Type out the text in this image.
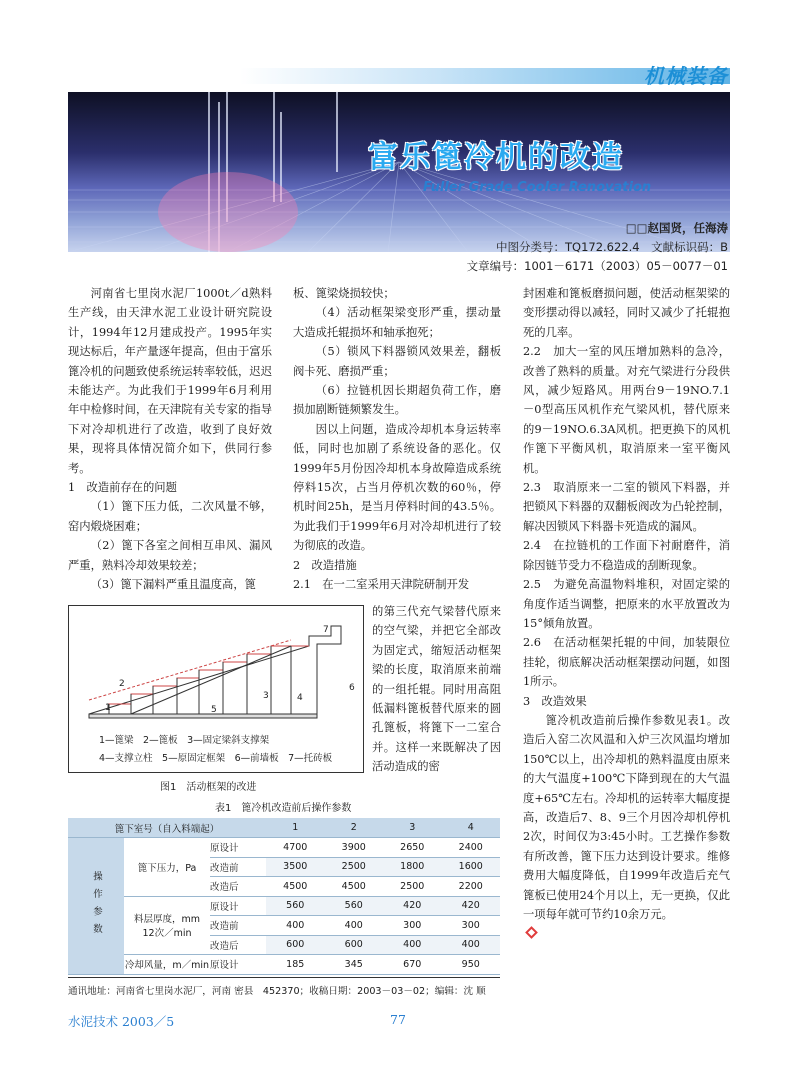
机械装备
富乐篦冷机的改造
Fuller Grade Cooler Renovation
□□赵国贤，任海涛
中图分类号：TQ172.622.4　文献标识码：B
文章编号：1001－6171（2003）05－0077－01

河南省七里岗水泥厂1000t／d熟料生产线，由天津水泥工业设计研究院设计，1994年12月建成投产。1995年实现达标后，年产量逐年提高，但由于富乐篦冷机的问题致使系统运转率较低，迟迟未能达产。为此我们于1999年6月利用年中检修时间，在天津院有关专家的指导下对冷却机进行了改造，收到了良好效果，现将具体情况简介如下，供同行参考。

1　改造前存在的问题

（1）篦下压力低，二次风量不够，窑内煅烧困难；

（2）篦下各室之间相互串风、漏风严重，熟料冷却效果较差；

（3）篦下漏料严重且温度高，篦

板、篦梁烧损较快；

（4）活动框架梁变形严重，摆动量大造成托辊损坏和轴承抱死；

（5）锁风下料器锁风效果差，翻板阀卡死、磨损严重；

（6）拉链机因长期超负荷工作，磨损加剧断链频繁发生。

因以上问题，造成冷却机本身运转率低，同时也加剧了系统设备的恶化。仅1999年5月份因冷却机本身故障造成系统停料15次，占当月停机次数的60％，停机时间25h，是当月停料时间的43.5％。为此我们于1999年6月对冷却机进行了较为彻底的改造。

2　改造措施

2.1　在一二室采用天津院研制开发

的第三代充气梁替代原来的空气梁，并把它全部改为固定式，缩短活动框架梁的长度，取消原来前端的一组托辊。同时用高阻低漏料篦板替代原来的圆孔篦板，将篦下一二室合并。这样一来既解决了因活动造成的密

封困难和篦板磨损问题，使活动框架梁的变形摆动得以减轻，同时又减少了托辊抱死的几率。

2.2　加大一室的风压增加熟料的急冷，改善了熟料的质量。对充气梁进行分段供风，减少短路风。用两台9－19NO.7.1－0型高压风机作充气梁风机，替代原来的9－19NO.6.3A风机。把更换下的风机作篦下平衡风机，取消原来一室平衡风机。

2.3　取消原来一二室的锁风下料器，并把锁风下料器的双翻板阀改为凸轮控制，解决因锁风下料器卡死造成的漏风。

2.4　在拉链机的工作面下衬耐磨件，消除因链节受力不稳造成的刮断现象。

2.5　为避免高温物料堆积，对固定梁的角度作适当调整，把原来的水平放置改为15°倾角放置。

2.6　在活动框架托辊的中间，加装限位挂轮，彻底解决活动框架摆动问题，如图1所示。

3　改造效果

篦冷机改造前后操作参数见表1。改造后入窑二次风温和入炉三次风温均增加150℃以上，出冷却机的熟料温度由原来的大气温度+100℃下降到现在的大气温度+65℃左右。冷却机的运转率大幅度提高，改造后7、8、9三个月因冷却机停机2次，时间仅为3:45小时。工艺操作参数有所改善，篦下压力达到设计要求。维修费用大幅度降低，自1999年改造后充气篦板已使用24个月以上，无一更换，仅此一项每年就可节约10余万元。

1
2
3	4
5
6
7
1—篦梁　2—篦板　3—固定梁斜支撑架
4—支撑立柱　5—原固定框架　6—前墙板　7—托砖板
图1　活动框架的改进
表1　篦冷机改造前后操作参数
篦下室号（自入料端起）			1	2	3	4
操作参数	篦下压力，Pa	原设计	4700	3900	2650	2400
		改造前	3500	2500	1800	1600
		改造后	4500	4500	2500	2200
	料层厚度，mm
12次／min	原设计	560	560	420	420
		改造前	400	400	300	300
		改造后	600	600	400	400
	冷却风量，m／min	原设计	185	345	670	950
通讯地址：河南省七里岗水泥厂，河南 密县　452370；收稿日期：2003－03－02；编辑：沈 顺
水泥技术 2003／5	77
